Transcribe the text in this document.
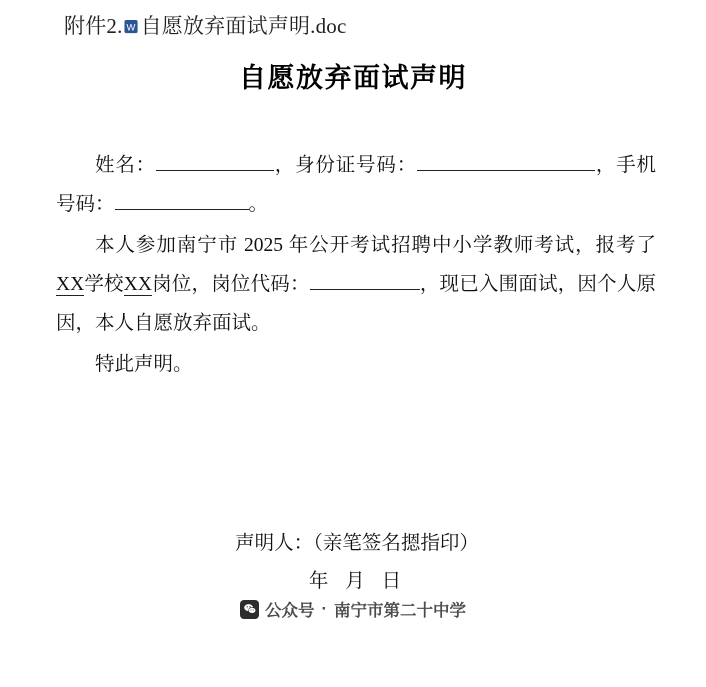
附件2. W 自愿放弃面试声明.doc
自愿放弃面试声明

姓名：	，身份证号码：	，手机号码：	。

本人参加南宁市 2025 年公开考试招聘中小学教师考试，报考了XX学校XX岗位，岗位代码：	，现已入围面试，因个人原因，本人自愿放弃面试。

特此声明。

声明人：（亲笔签名摁指印）
年 月 日
公众号 · 南宁市第二十中学
